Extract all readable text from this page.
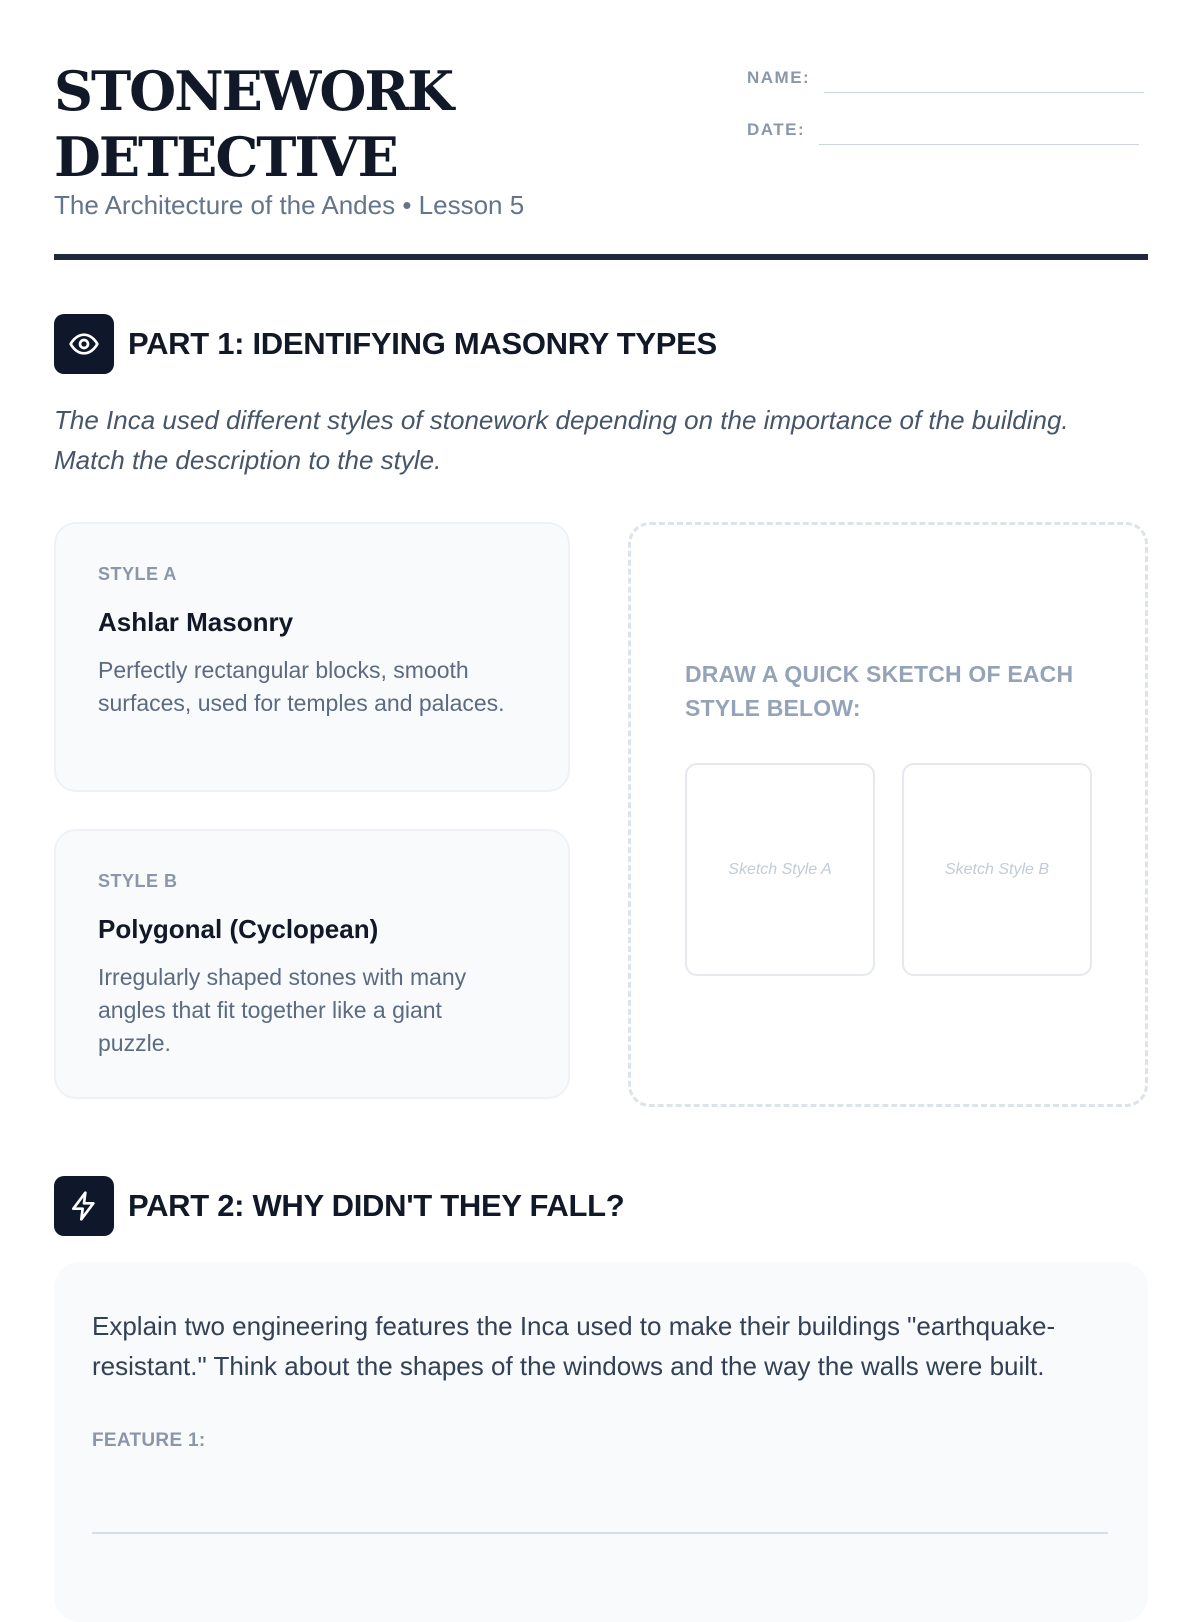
STONEWORK
DETECTIVE
The Architecture of the Andes • Lesson 5
NAME:
DATE:
PART 1: IDENTIFYING MASONRY TYPES

The Inca used different styles of stonework depending on the importance of the building. Match the description to the style.

STYLE A
Ashlar Masonry
Perfectly rectangular blocks, smooth surfaces, used for temples and palaces.
STYLE B
Polygonal (Cyclopean)
Irregularly shaped stones with many angles that fit together like a giant puzzle.
DRAW A QUICK SKETCH OF EACH STYLE BELOW:
Sketch Style A	Sketch Style B
PART 2: WHY DIDN'T THEY FALL?

Explain two engineering features the Inca used to make their buildings "earthquake-resistant." Think about the shapes of the windows and the way the walls were built.

FEATURE 1:
